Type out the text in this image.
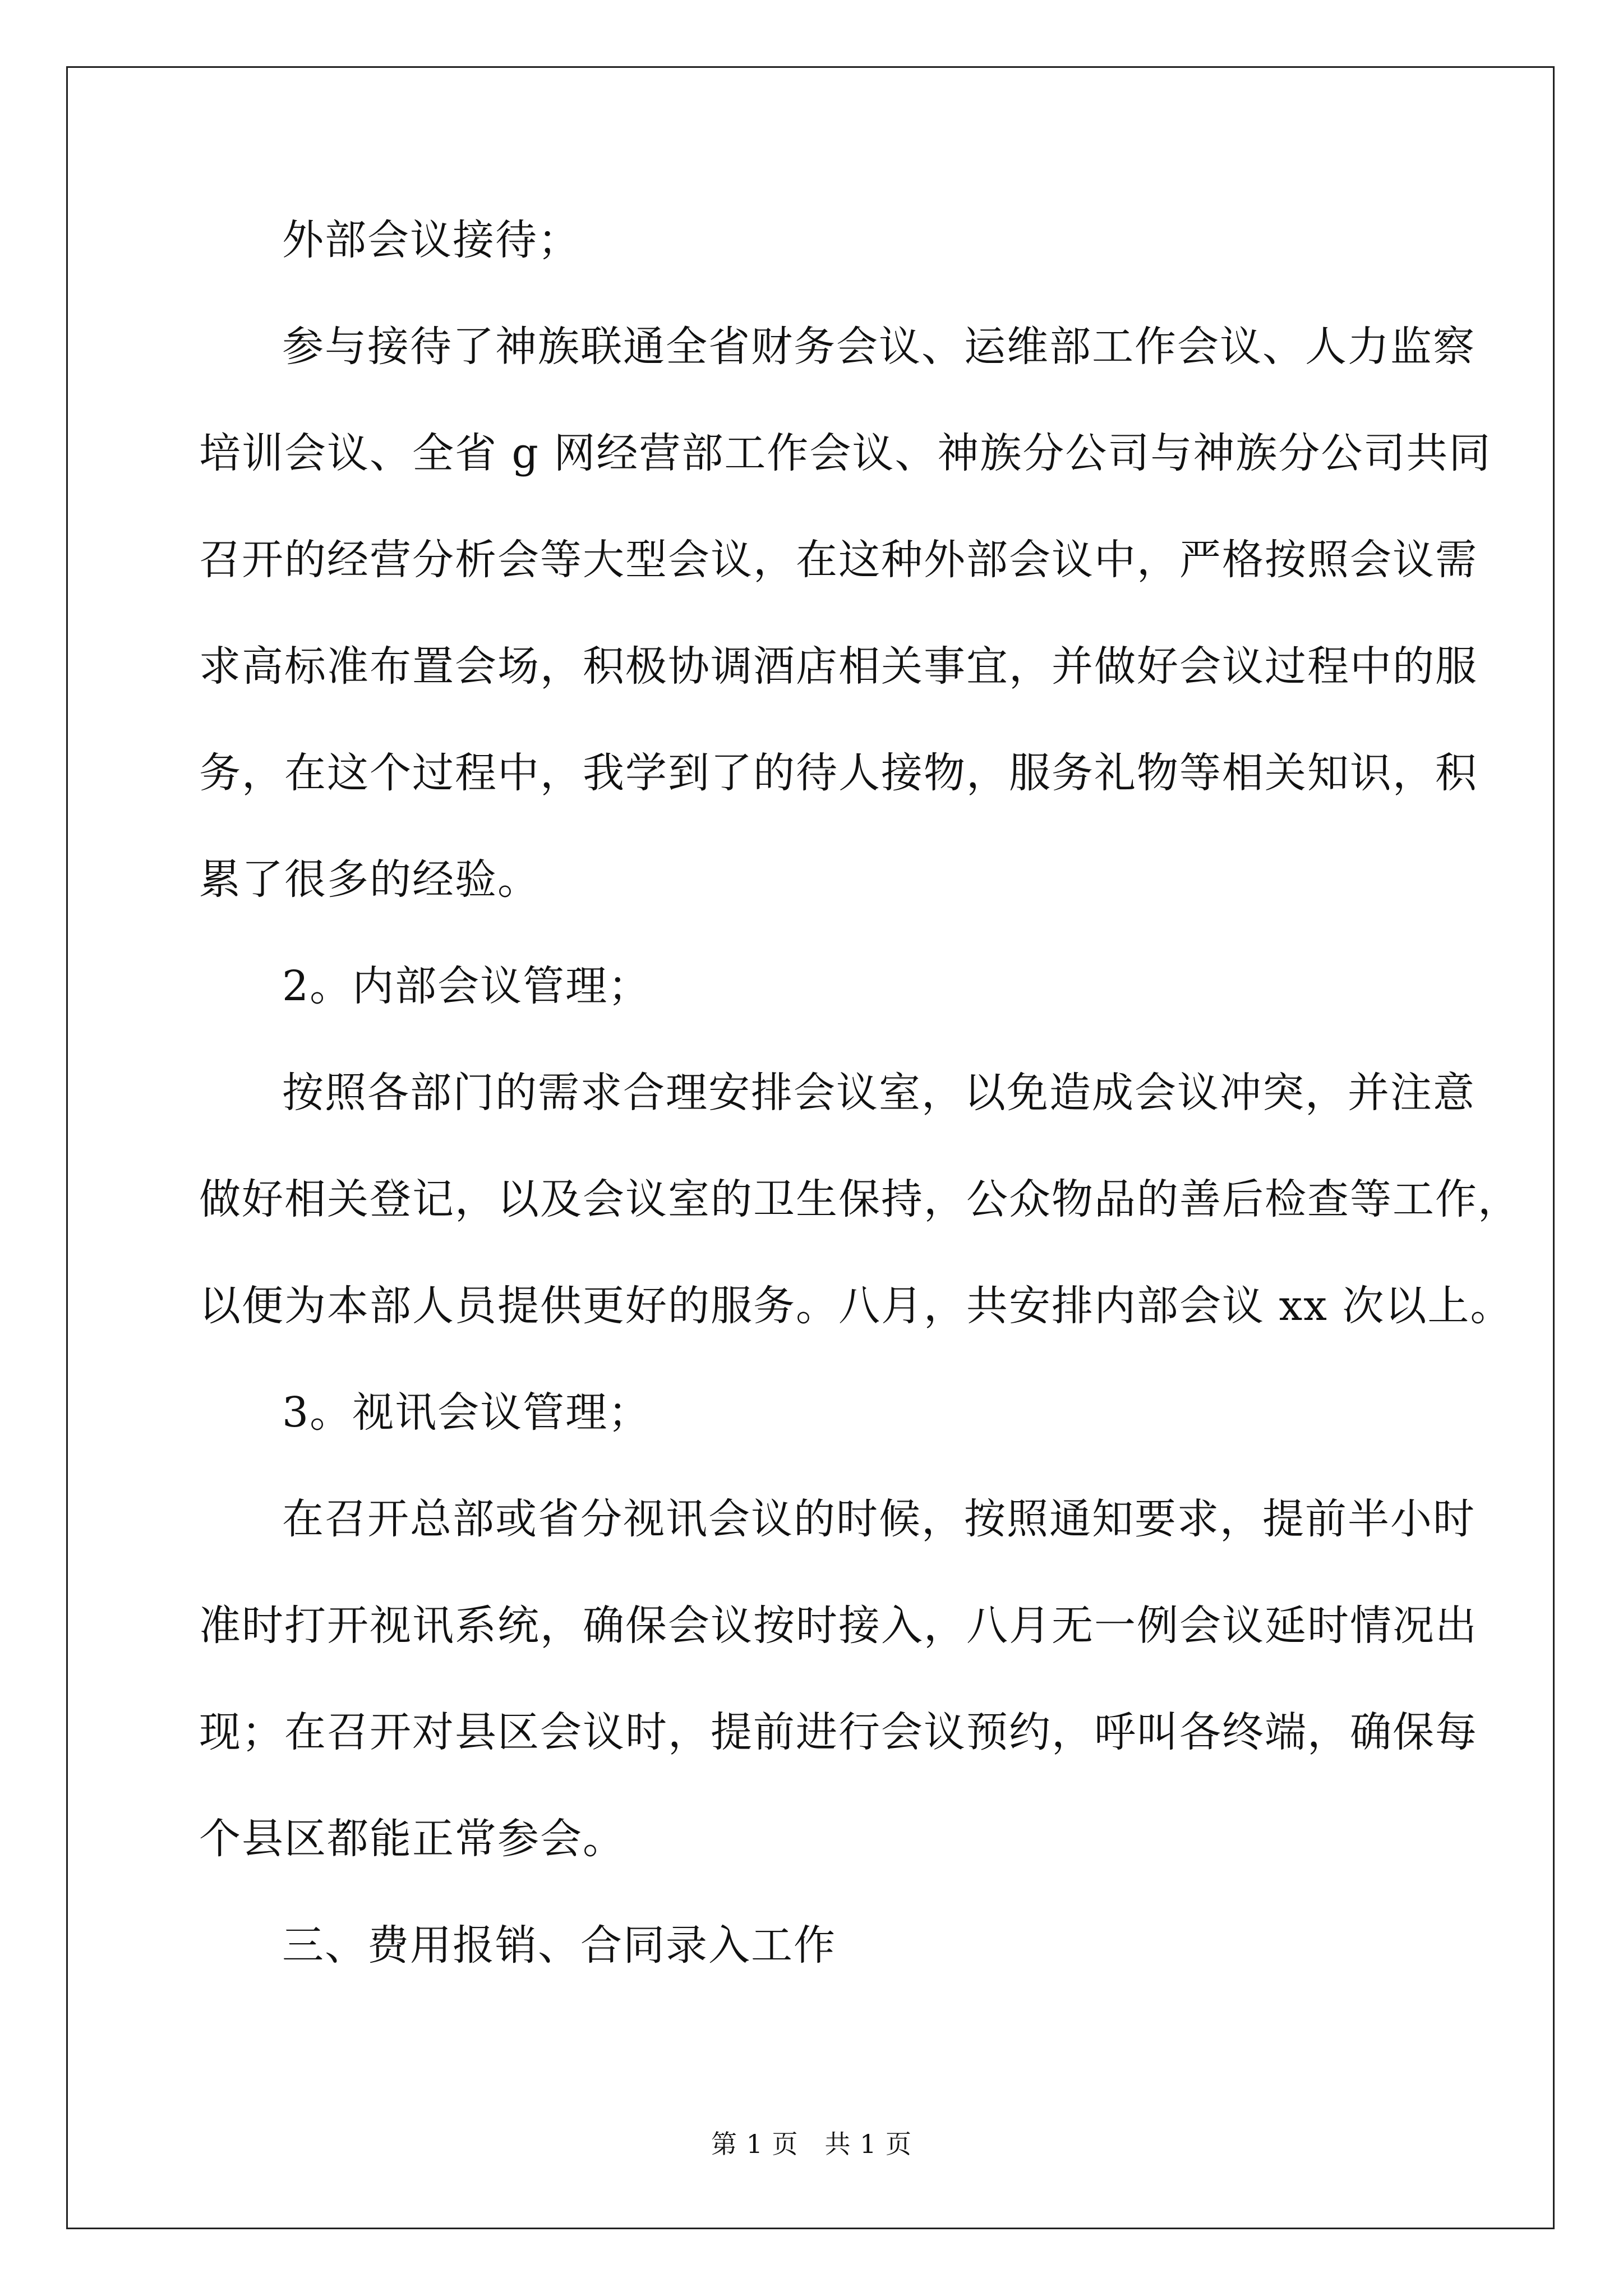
外部会议接待；
参与接待了神族联通全省财务会议、运维部工作会议、人力监察
培训会议、全省 g 网经营部工作会议、神族分公司与神族分公司共同
召开的经营分析会等大型会议，在这种外部会议中，严格按照会议需
求高标准布置会场，积极协调酒店相关事宜，并做好会议过程中的服
务，在这个过程中，我学到了的待人接物，服务礼物等相关知识，积
累了很多的经验。
2。内部会议管理；
按照各部门的需求合理安排会议室，以免造成会议冲突，并注意
做好相关登记，以及会议室的卫生保持，公众物品的善后检查等工作，
以便为本部人员提供更好的服务。八月，共安排内部会议 xx 次以上。
3。视讯会议管理；
在召开总部或省分视讯会议的时候，按照通知要求，提前半小时
准时打开视讯系统，确保会议按时接入，八月无一例会议延时情况出
现；在召开对县区会议时，提前进行会议预约，呼叫各终端，确保每
个县区都能正常参会。
三、费用报销、合同录入工作
第 1 页　共 1 页
